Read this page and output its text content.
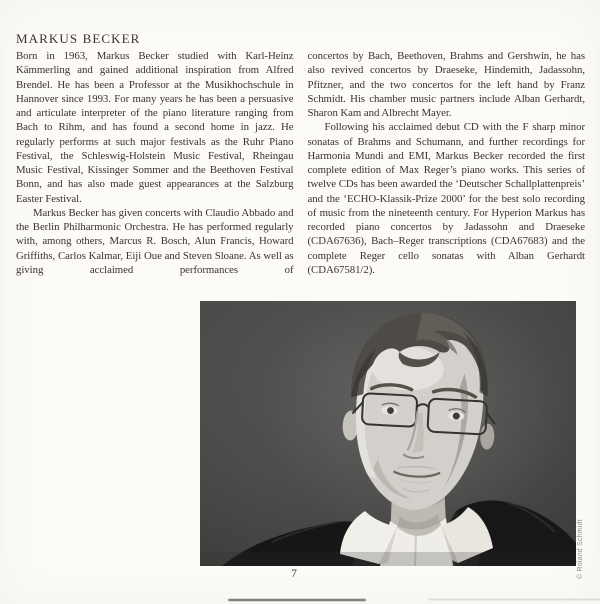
MARKUS BECKER

Born in 1963, Markus Becker studied with Karl-Heinz Kämmerling and gained additional inspiration from Alfred Brendel. He has been a Professor at the Musikhochschule in Hannover since 1993. For many years he has been a persuasive and articulate interpreter of the piano literature ranging from Bach to Rihm, and has found a second home in jazz. He regularly performs at such major festivals as the Ruhr Piano Festival, the Schleswig-Holstein Music Festival, Rheingau Music Festival, Kissinger Sommer and the Beethoven Festival Bonn, and has also made guest appearances at the Salzburg Easter Festival.

Markus Becker has given concerts with Claudio Abbado and the Berlin Philharmonic Orchestra. He has performed regularly with, among others, Marcus R. Bosch, Alun Francis, Howard Griffiths, Carlos Kalmar, Eiji Oue and Steven Sloane. As well as giving acclaimed performances of

concertos by Bach, Beethoven, Brahms and Gershwin, he has also revived concertos by Draeseke, Hindemith, Jadassohn, Pfitzner, and the two concertos for the left hand by Franz Schmidt. His chamber music partners include Alban Gerhardt, Sharon Kam and Albrecht Mayer.

Following his acclaimed debut CD with the F sharp minor sonatas of Brahms and Schumann, and further recordings for Harmonia Mundi and EMI, Markus Becker recorded the first complete edition of Max Reger’s piano works. This series of twelve CDs has been awarded the ‘Deutscher Schallplattenpreis’ and the ‘ECHO-Klassik-Prize 2000’ for the best solo recording of music from the nineteenth century. For Hyperion Markus has recorded piano concertos by Jadassohn and Draeseke (CDA67636), Bach–Reger transcriptions (CDA67683) and the complete Reger cello sonatas with Alban Gerhardt (CDA67581/2).

© Roland Schmidt
7
